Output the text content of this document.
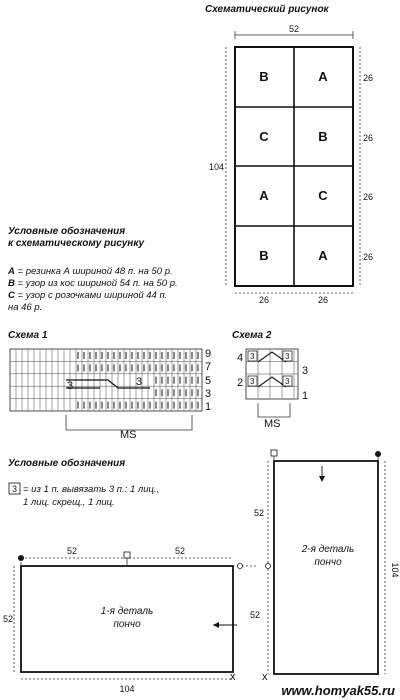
Схематический рисунок
52
104
B	A
C	B
A	C
B	A
26
26
26
26
26	26
Условные обозначения
к схематическому рисунку
А = резинка А шириной 48 п. на 50 р.
В = узор из кос шириной 54 п. на 50 р.
С = узор с розочками шириной 44 п.
на 46 р.
Схема 1
3	3
9
7
5
3
1
MS
Схема 2
3	3
3	3
4
2
3
1
MS
Условные обозначения
3 = из 1 п. вывязать 3 п.: 1 лиц.,
1 лиц. скрещ., 1 лиц.
52	52
52
104
x
1-я деталь
пончо
52
52
104
x
2-я деталь
пончо
www.homyak55.ru
